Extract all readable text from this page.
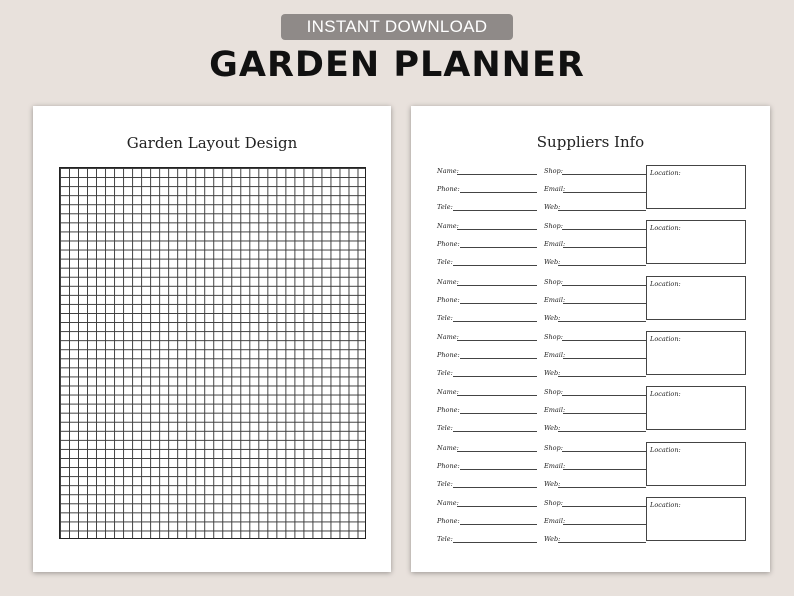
INSTANT DOWNLOAD
GARDEN PLANNER
Garden Layout Design	Suppliers Info
Name:
Phone:
Tele:
Shop:
Email:
Web:
Location:
Name:
Phone:
Tele:
Shop:
Email:
Web:
Location:
Name:
Phone:
Tele:
Shop:
Email:
Web:
Location:
Name:
Phone:
Tele:
Shop:
Email:
Web:
Location:
Name:
Phone:
Tele:
Shop:
Email:
Web:
Location:
Name:
Phone:
Tele:
Shop:
Email:
Web:
Location:
Name:
Phone:
Tele:
Shop:
Email:
Web:
Location:
